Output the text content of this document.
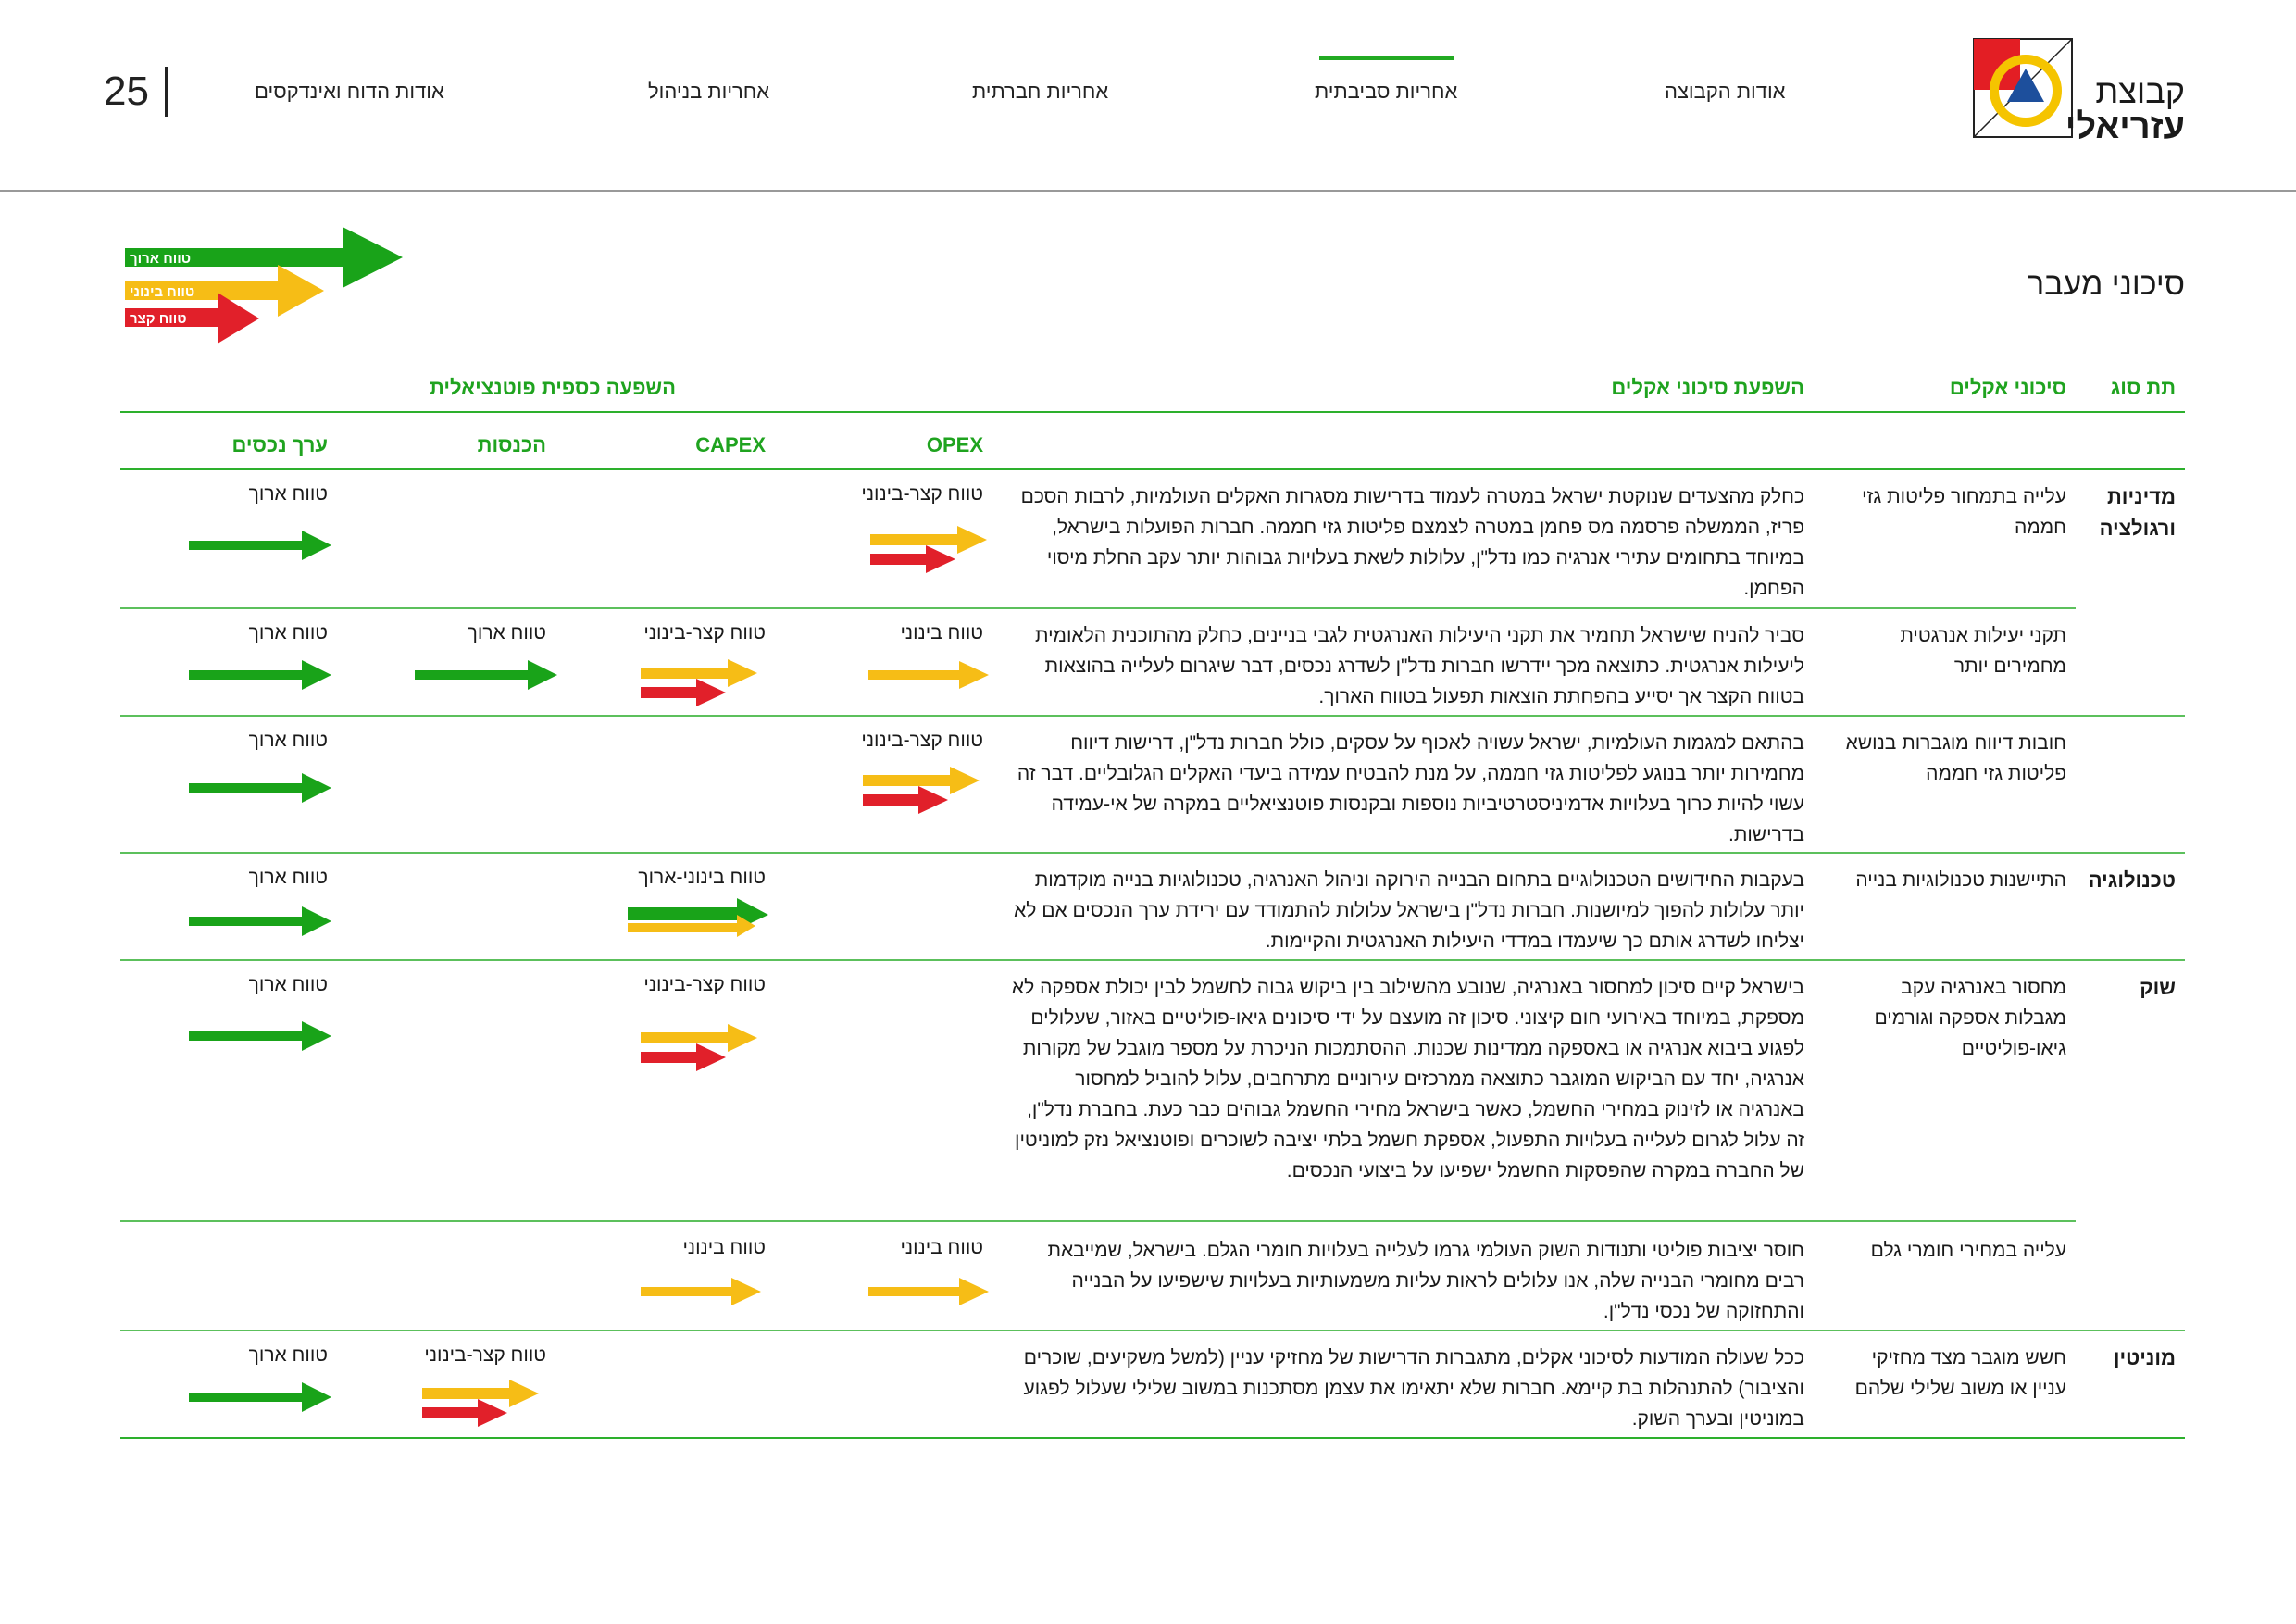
קבוצת
עזריאלי
אודות הקבוצה
אחריות סביבתית
אחריות חברתית
אחריות בניהול
אודות הדוח ואינדקסים
25
טווח ארוך
טווח בינוני
טווח קצר
סיכוני מעבר
תת סוג
סיכוני אקלים
השפעת סיכוני אקלים
השפעה כספית פוטנציאלית
OPEX
CAPEX
הכנסות
ערך נכסים
מדיניות ורגולציה
עלייה בתמחור פליטות גזי חממה
כחלק מהצעדים שנוקטת ישראל במטרה לעמוד בדרישות מסגרות האקלים העולמיות, לרבות הסכם פריז, הממשלה פרסמה מס פחמן במטרה לצמצם פליטות גזי חממה. חברות הפועלות בישראל, במיוחד בתחומים עתירי אנרגיה כמו נדל"ן, עלולות לשאת בעלויות גבוהות יותר עקב החלת מיסוי הפחמן.
טווח קצר-בינוני
טווח ארוך
תקני יעילות אנרגטית מחמירים יותר
סביר להניח שישראל תחמיר את תקני היעילות האנרגטית לגבי בניינים, כחלק מהתוכנית הלאומית ליעילות אנרגטית. כתוצאה מכך יידרשו חברות נדל"ן לשדרג נכסים, דבר שיגרום לעלייה בהוצאות בטווח הקצר אך יסייע בהפחתת הוצאות תפעול בטווח הארוך.
טווח בינוני
טווח קצר-בינוני
טווח ארוך
טווח ארוך
חובות דיווח מוגברות בנושא פליטות גזי חממה
בהתאם למגמות העולמיות, ישראל עשויה לאכוף על עסקים, כולל חברות נדל"ן, דרישות דיווח מחמירות יותר בנוגע לפליטות גזי חממה, על מנת להבטיח עמידה ביעדי האקלים הגלובליים. דבר זה עשוי להיות כרוך בעלויות אדמיניסטרטיביות נוספות ובקנסות פוטנציאליים במקרה של אי-עמידה בדרישות.
טווח קצר-בינוני
טווח ארוך
טכנולוגיה
התיישנות טכנולוגיות בנייה
בעקבות החידושים הטכנולוגיים בתחום הבנייה הירוקה וניהול האנרגיה, טכנולוגיות בנייה מוקדמות יותר עלולות להפוך למיושנות. חברות נדל"ן בישראל עלולות להתמודד עם ירידת ערך הנכסים אם לא יצליחו לשדרג אותם כך שיעמדו במדדי היעילות האנרגטית והקיימות.
טווח בינוני-ארוך
טווח ארוך
שוק
מחסור באנרגיה עקב מגבלות אספקה וגורמים גיאו-פוליטיים
בישראל קיים סיכון למחסור באנרגיה, שנובע מהשילוב בין ביקוש גבוה לחשמל לבין יכולת אספקה לא מספקת, במיוחד באירועי חום קיצוני. סיכון זה מועצם על ידי סיכונים גיאו-פוליטיים באזור, שעלולים לפגוע ביבוא אנרגיה או באספקה ממדינות שכנות. ההסתמכות הניכרת על מספר מוגבל של מקורות אנרגיה, יחד עם הביקוש המוגבר כתוצאה ממרכזים עירוניים מתרחבים, עלול להוביל למחסור באנרגיה או לזינוק במחירי החשמל, כאשר בישראל מחירי החשמל גבוהים כבר כעת. בחברת נדל"ן, זה עלול לגרום לעלייה בעלויות התפעול, אספקת חשמל בלתי יציבה לשוכרים ופוטנציאל נזק למוניטין של החברה במקרה שהפסקות החשמל ישפיעו על ביצועי הנכסים.
טווח קצר-בינוני
טווח ארוך
עלייה במחירי חומרי גלם
חוסר יציבות פוליטי ותנודות השוק העולמי גרמו לעלייה בעלויות חומרי הגלם. בישראל, שמייבאת רבים מחומרי הבנייה שלה, אנו עלולים לראות עליות משמעותיות בעלויות שישפיעו על הבנייה והתחזוקה של נכסי נדל"ן.
טווח בינוני
טווח בינוני
מוניטין
חשש מוגבר מצד מחזיקי עניין או משוב שלילי שלהם
ככל שעולה המודעות לסיכוני אקלים, מתגברות הדרישות של מחזיקי עניין (למשל משקיעים, שוכרים והציבור) להתנהלות בת קיימא. חברות שלא יתאימו את עצמן מסתכנות במשוב שלילי שעלול לפגוע במוניטין ובערך השוק.
טווח קצר-בינוני
טווח ארוך
